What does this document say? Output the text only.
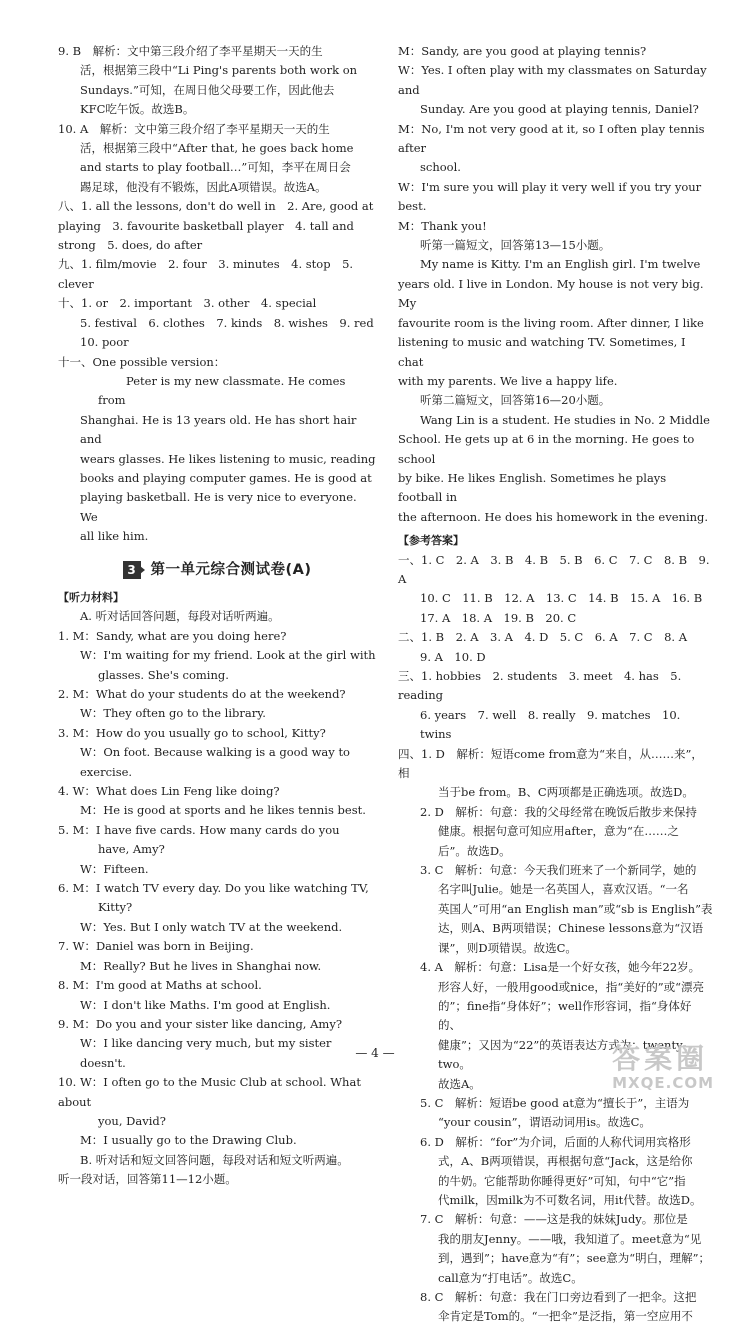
9. B　解析：文中第三段介绍了李平星期天一天的生

活，根据第三段中“Li Ping's parents both work on

Sundays.”可知，在周日他父母要工作，因此他去

KFC吃午饭。故选B。

10. A　解析：文中第三段介绍了李平星期天一天的生

活，根据第三段中“After that, he goes back home

and starts to play football…”可知，李平在周日会

踢足球，他没有不锻炼，因此A项错误。故选A。

八、1. all the lessons, don't do well in　2. Are, good at

playing　3. favourite basketball player　4. tall and

strong　5. does, do after

九、1. film/movie　2. four　3. minutes　4. stop　5. clever

十、1. or　2. important　3. other　4. special

5. festival　6. clothes　7. kinds　8. wishes　9. red

10. poor

十一、One possible version：

Peter is my new classmate. He comes from

Shanghai. He is 13 years old. He has short hair and

wears glasses. He likes listening to music, reading

books and playing computer games. He is good at

playing basketball. He is very nice to everyone. We

all like him.

3	第一单元综合测试卷(A)

【听力材料】

A. 听对话回答问题，每段对话听两遍。

1. M：Sandy, what are you doing here?

W：I'm waiting for my friend. Look at the girl with

glasses. She's coming.

2. M：What do your students do at the weekend?

W：They often go to the library.

3. M：How do you usually go to school, Kitty?

W：On foot. Because walking is a good way to exercise.

4. W：What does Lin Feng like doing?

M：He is good at sports and he likes tennis best.

5. M：I have five cards. How many cards do you

have, Amy?

W：Fifteen.

6. M：I watch TV every day. Do you like watching TV,

Kitty?

W：Yes. But I only watch TV at the weekend.

7. W：Daniel was born in Beijing.

M：Really? But he lives in Shanghai now.

8. M：I'm good at Maths at school.

W：I don't like Maths. I'm good at English.

9. M：Do you and your sister like dancing, Amy?

W：I like dancing very much, but my sister doesn't.

10. W：I often go to the Music Club at school. What about

you, David?

M：I usually go to the Drawing Club.

B. 听对话和短文回答问题，每段对话和短文听两遍。

听一段对话，回答第11—12小题。

M：Sandy, are you good at playing tennis?

W：Yes. I often play with my classmates on Saturday and

Sunday. Are you good at playing tennis, Daniel?

M：No, I'm not very good at it, so I often play tennis after

school.

W：I'm sure you will play it very well if you try your best.

M：Thank you!

听第一篇短文，回答第13—15小题。

My name is Kitty. I'm an English girl. I'm twelve

years old. I live in London. My house is not very big. My

favourite room is the living room. After dinner, I like

listening to music and watching TV. Sometimes, I chat

with my parents. We live a happy life.

听第二篇短文，回答第16—20小题。

Wang Lin is a student. He studies in No. 2 Middle

School. He gets up at 6 in the morning. He goes to school

by bike. He likes English. Sometimes he plays football in

the afternoon. He does his homework in the evening.

【参考答案】

一、1. C　2. A　3. B　4. B　5. B　6. C　7. C　8. B　9. A

10. C　11. B　12. A　13. C　14. B　15. A　16. B

17. A　18. A　19. B　20. C

二、1. B　2. A　3. A　4. D　5. C　6. A　7. C　8. A

9. A　10. D

三、1. hobbies　2. students　3. meet　4. has　5. reading

6. years　7. well　8. really　9. matches　10. twins

四、1. D　解析：短语come from意为“来自，从……来”，相

当于be from。B、C两项都是正确选项。故选D。

2. D　解析：句意：我的父母经常在晚饭后散步来保持

健康。根据句意可知应用after，意为“在……之

后”。故选D。

3. C　解析：句意：今天我们班来了一个新同学，她的

名字叫Julie。她是一名英国人，喜欢汉语。“一名

英国人”可用“an English man”或“sb is English”表

达，则A、B两项错误；Chinese lessons意为“汉语

课”，则D项错误。故选C。

4. A　解析：句意：Lisa是一个好女孩，她今年22岁。

形容人好，一般用good或nice，指“美好的”或“漂亮

的”；fine指“身体好”；well作形容词，指“身体好的、

健康”；又因为“22”的英语表达方式为：twenty-two。

故选A。

5. C　解析：短语be good at意为“擅长于”，主语为

“your cousin”，谓语动词用is。故选C。

6. D　解析：“for”为介词，后面的人称代词用宾格形

式，A、B两项错误，再根据句意“Jack，这是给你

的牛奶。它能帮助你睡得更好”可知，句中“它”指

代milk，因milk为不可数名词，用it代替。故选D。

7. C　解析：句意：——这是我的妹妹Judy。那位是

我的朋友Jenny。——哦，我知道了。meet意为“见

到，遇到”；have意为“有”；see意为“明白，理解”；

call意为“打电话”。故选C。

8. C　解析：句意：我在门口旁边看到了一把伞。这把

伞肯定是Tom的。“一把伞”是泛指，第一空应用不

— 4 —	答案圈
MXQE.COM
